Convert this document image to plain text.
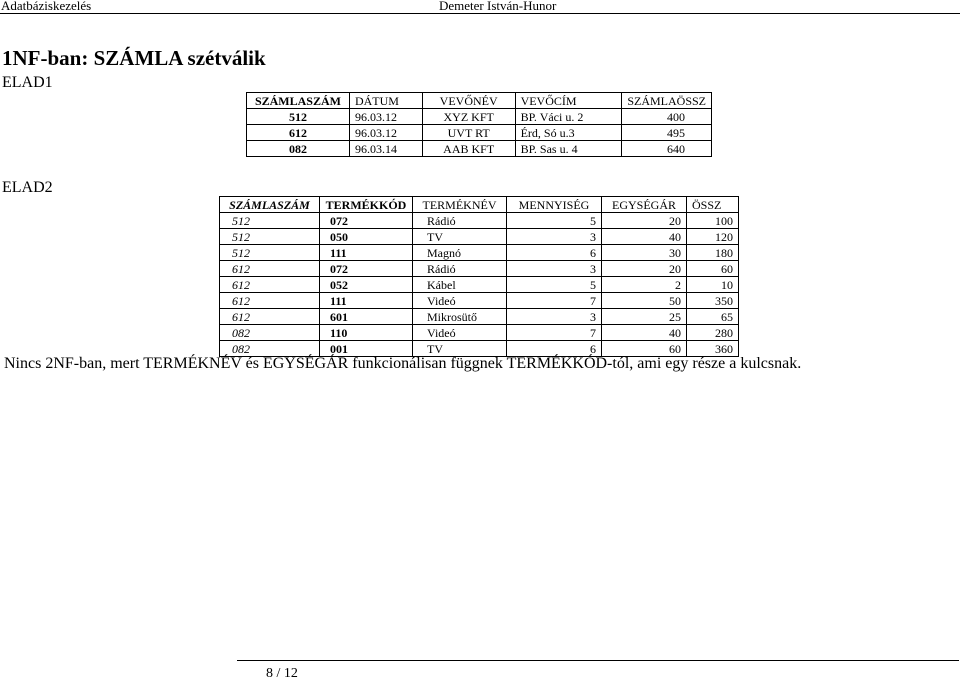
Adatbáziskezelés	Demeter István-Hunor
1NF-ban: SZÁMLA szétválik
ELAD1
SZÁMLASZÁM	DÁTUM	VEVŐNÉV	VEVŐCÍM	SZÁMLAÖSSZ
512	96.03.12	XYZ KFT	BP. Váci u. 2	400
612	96.03.12	UVT RT	Érd, Só u.3	495
082	96.03.14	AAB KFT	BP. Sas u. 4	640
ELAD2
SZÁMLASZÁM	TERMÉKKÓD	TERMÉKNÉV	MENNYISÉG	EGYSÉGÁR	ÖSSZ
512	072	Rádió	5	20	100
512	050	TV	3	40	120
512	111	Magnó	6	30	180
612	072	Rádió	3	20	60
612	052	Kábel	5	2	10
612	111	Videó	7	50	350
612	601	Mikrosütő	3	25	65
082	110	Videó	7	40	280
082	001	TV	6	60	360
Nincs 2NF-ban, mert TERMÉKNÉV és EGYSÉGÁR funkcionálisan függnek TERMÉKKÓD-tól, ami egy része a kulcsnak.
8 / 12
